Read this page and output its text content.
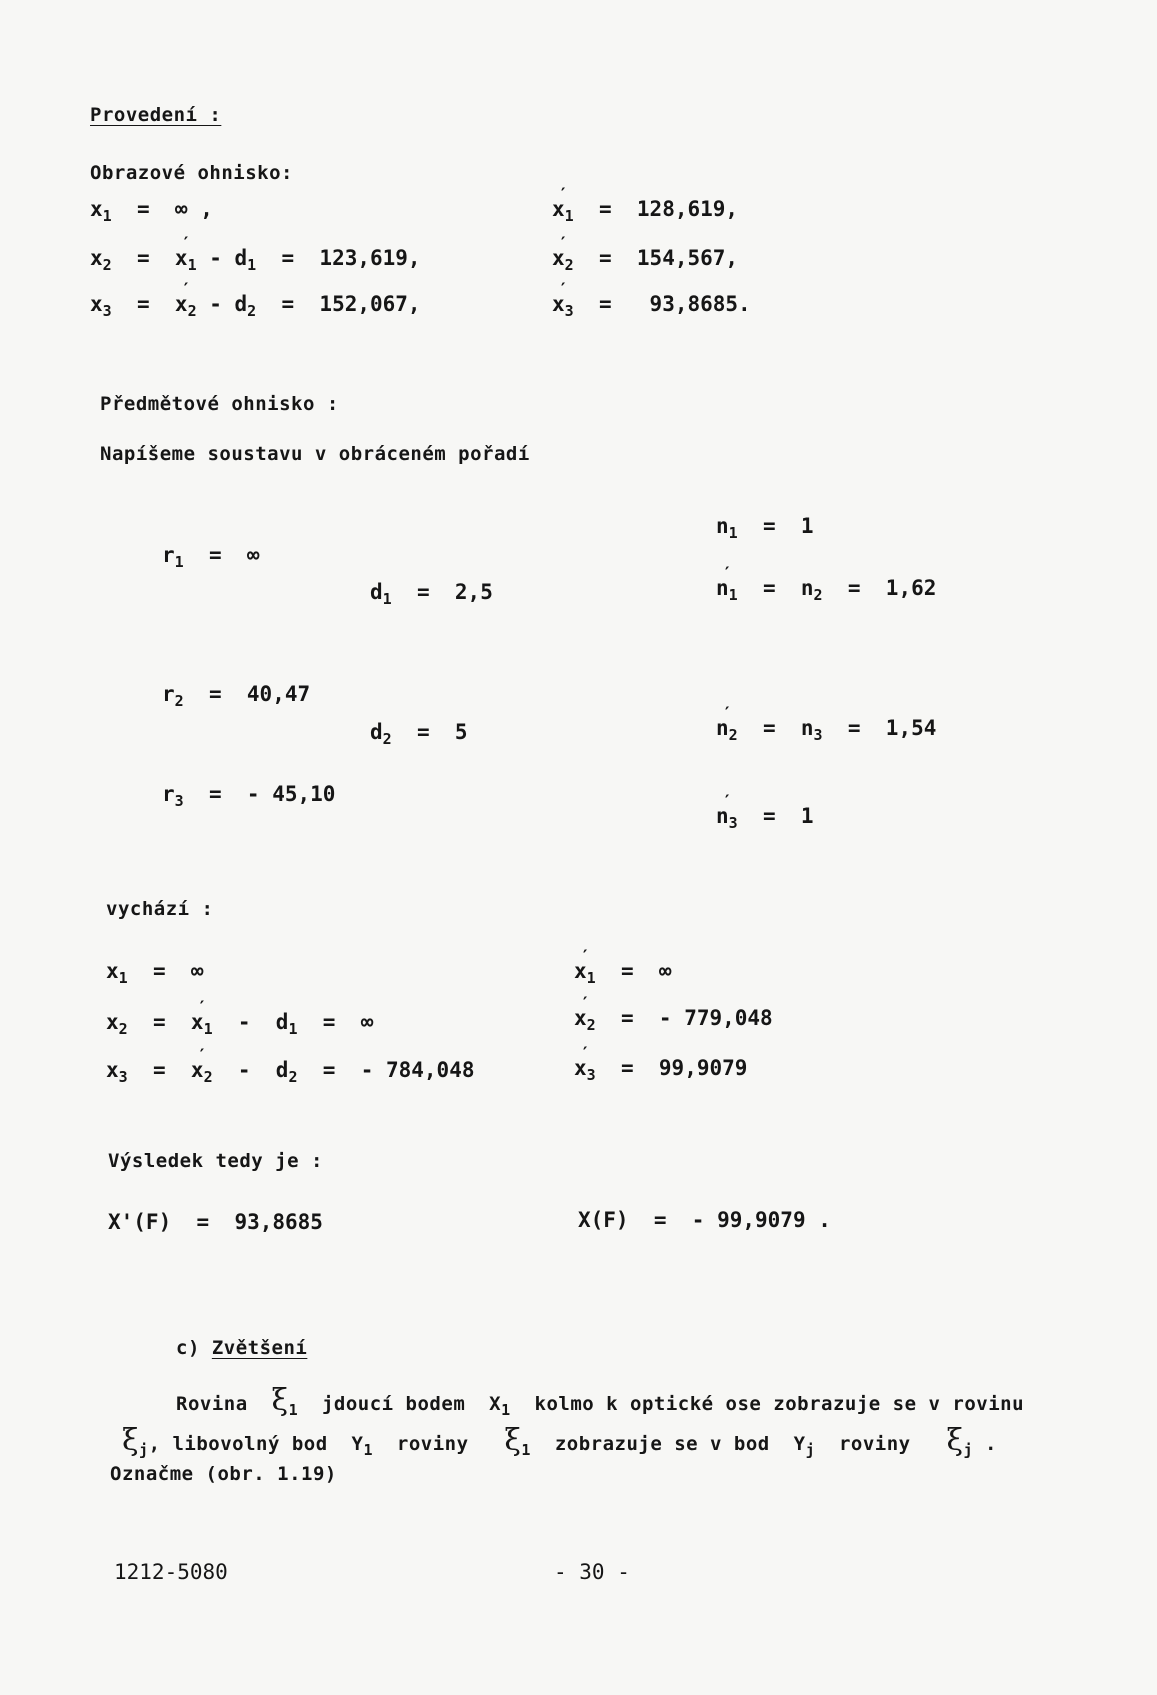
Provedení :
Obrazové ohnisko:
$x_1$  =  ∞ ,
$x_2$  =  ′ $x_1 - d_1 = 123,619$,
$x_3$  =  ′ $x_2 - d_2 = 152,067$,
′ $x_1 = 128,619$,
′ $x_2 = 154,567$,
′ $x_3 = 93,8685$.
Předmětové ohnisko :
Napíšeme soustavu v obráceném pořadí
$r_1$  =  ∞
$d_1 = 2,5$
$n_1 = 1$
′ $n_1 = n_2 = 1,62$
$r_2 = 40,47$
$d_2 = 5$
′	$n_2 = n_3 = 1,54$
$r_3$  =  - 45,10
′ $n_3 = 1$
vychází :
$x_1$  =  ∞
$x_2$  =  ′ $x_1 - d_1$  =  ∞
$x_3$  =  ′ $x_2 - d_2$  =  - 784,048
′ $x_1$  =  ∞
′ $x_2$  =  - 779,048
′ $x_3 = 99,9079$
Výsledek tedy je :
X'(F)  =  93,8685	X(F)  =  - 99,9079 .
c) Zvětšení
Rovina $\xi_1$ jdoucí bodem  $X_1$ kolmo k optické ose zobrazuje se v rovinu
$\xi_j$, libovolný bod  $Y_1$ roviny $\xi_1$ zobrazuje se v bod  $Y_j$ roviny $\xi_j$ .
Označme (obr. 1.19)
1212-5080	- 30 -
